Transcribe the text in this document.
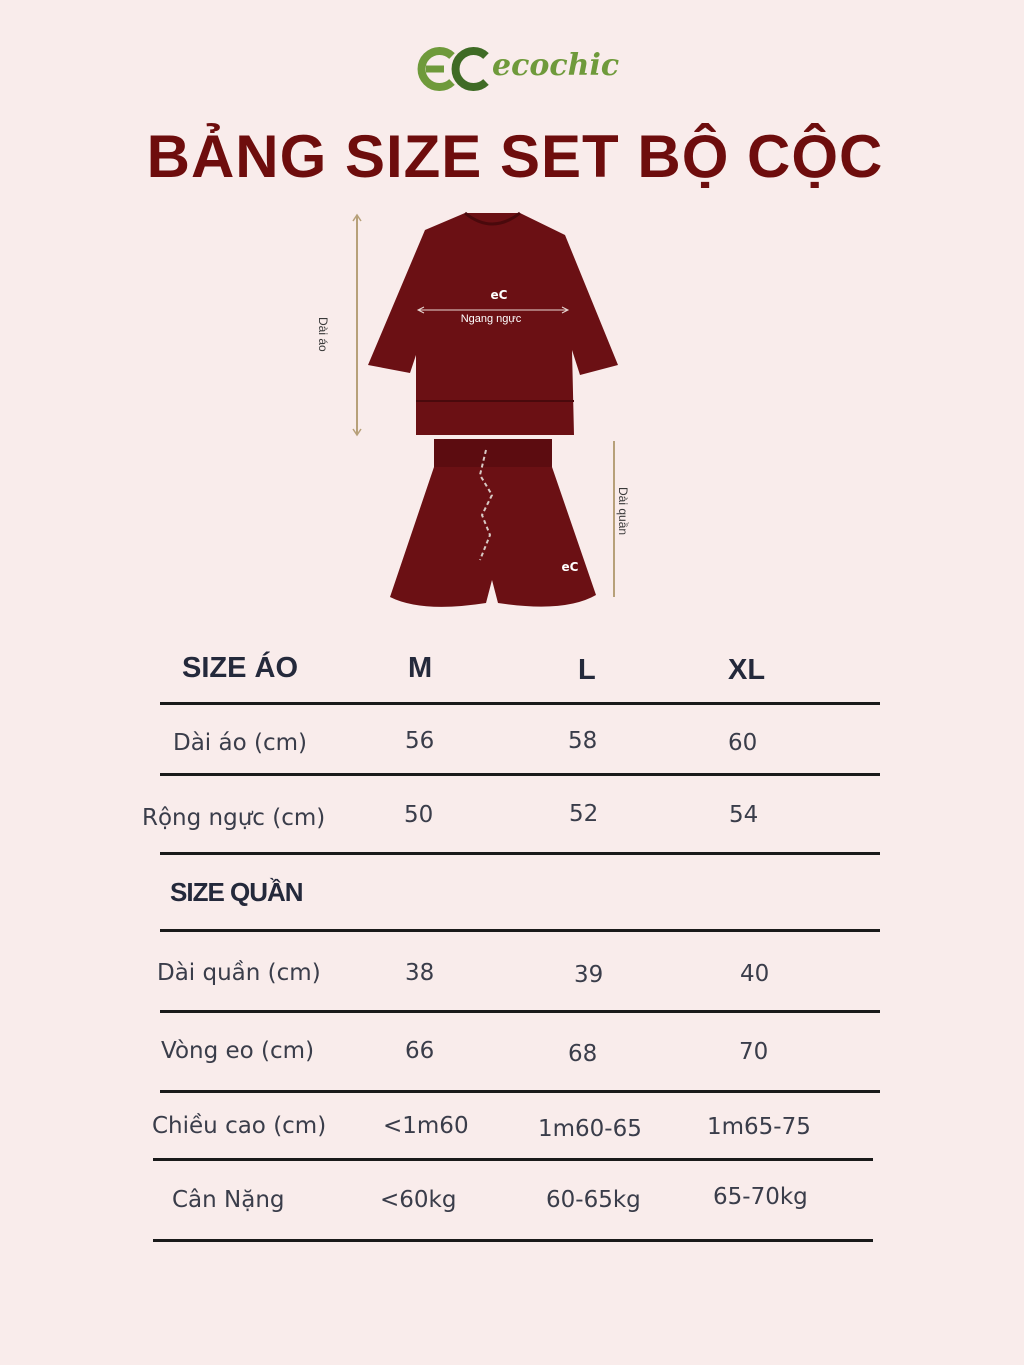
ecochic
BẢNG SIZE SET BỘ CỘC
eC
eC
Dài áo	Ngang ngực
Dài quần
SIZE ÁO	M	L	XL
Dài áo (cm)	56	58	60
Rộng ngực (cm)	50	52	54
SIZE QUẦN
Dài quần (cm)	38	39	40
Vòng eo (cm)	66	68	70
Chiều cao (cm) <1m60	1m60-65	1m65-75
Cân Nặng	<60kg	60-65kg	65-70kg
